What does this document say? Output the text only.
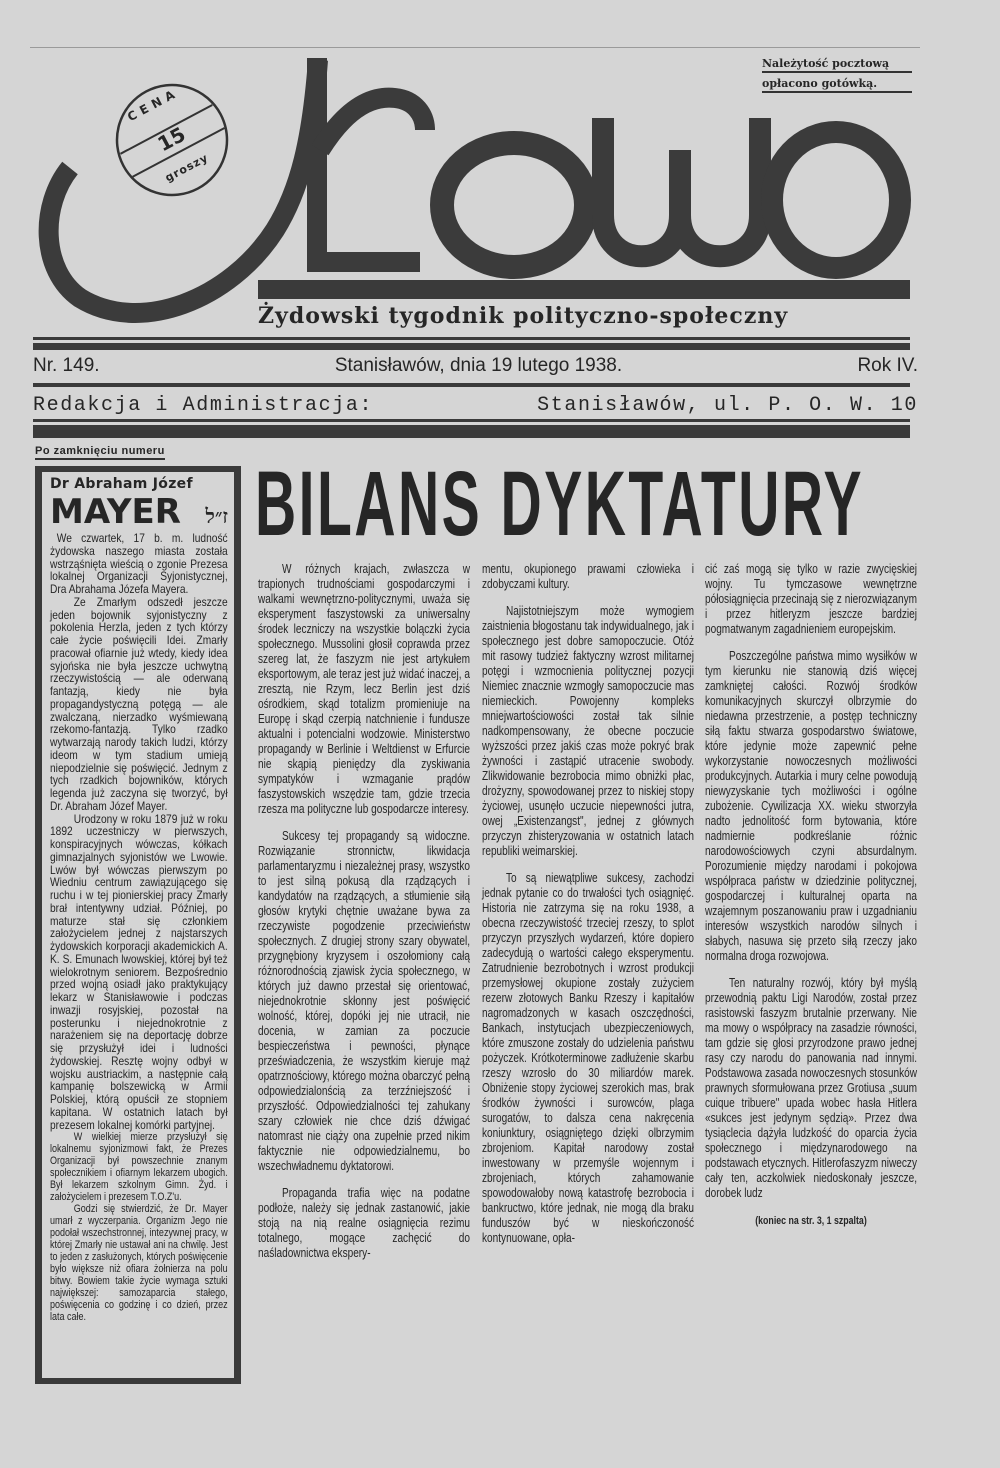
CENA
15
groszy
Należytość pocztową
opłacono gotówką.
Żydowski tygodnik polityczno-społeczny
Nr. 149.	Stanisławów, dnia 19 lutego 1938.	Rok IV.
Redakcja i Administracja:	Stanisławów, ul. P. O. W. 10
Po zamknięciu numeru
Dr Abraham Józef
MAYER ז״ל

We czwartek, 17 b. m. ludność żydowska naszego miasta została wstrząśnięta wieścią o zgonie Prezesa lokalnej Organizacji Syjonistycznej, Dra Abrahama Józefa Mayera.

Ze Zmarłym odszedł jeszcze jeden bojownik syjonistyczny z pokolenia Herzla, jeden z tych którzy całe życie poświęcili Idei. Zmarły pracował ofiarnie już wtedy, kiedy idea syjońska nie była jeszcze uchwytną rzeczywistością — ale oderwaną fantazją, kiedy nie była propagandystyczną potęgą — ale zwalczaną, nierzadko wyśmiewaną rzekomo-fantazją. Tylko rzadko wytwarzają narody takich ludzi, którzy ideom w tym stadium umieją niepodzielnie się poświęcić. Jednym z tych rzadkich bojowników, których legenda już zaczyna się tworzyć, był Dr. Abraham Józef Mayer.

Urodzony w roku 1879 już w roku 1892 uczestniczy w pierwszych, konspiracyjnych wówczas, kółkach gimnazjalnych syjonistów we Lwowie. Lwów był wówczas pierwszym po Wiedniu centrum zawiązującego się ruchu i w tej pionierskiej pracy Zmarły brał intentywny udział. Później, po maturze stał się członkiem założycielem jednej z najstarszych żydowskich korporacji akademickich A. K. S. Emunach lwowskiej, której był też wielokrotnym seniorem. Bezpośrednio przed wojną osiadł jako praktykujący lekarz w Stanisławowie i podczas inwazji rosyjskiej, pozostał na posterunku i niejednokrotnie z narażeniem się na deportację dobrze się przysłużył idei i ludności żydowskiej. Resztę wojny odbył w wojsku austriackim, a następnie całą kampanię bolszewicką w Armii Polskiej, którą opuścił ze stopniem kapitana. W ostatnich latach był prezesem lokalnej komórki partyjnej.

W wielkiej mierze przysłużył się lokalnemu syjonizmowi fakt, że Prezes Organizacji był powszechnie znanym społecznikiem i ofiarnym lekarzem ubogich. Był lekarzem szkolnym Gimn. Żyd. i założycielem i prezesem T.O.Z'u.

Godzi się stwierdzić, że Dr. Mayer umarł z wyczerpania. Organizm Jego nie podołał wszechstronnej, intezywnej pracy, w której Zmarły nie ustawał ani na chwilę. Jest to jeden z zasłużonych, których poświęcenie było większe niż ofiara żołnierza na polu bitwy. Bowiem takie życie wymaga sztuki największej: samozaparcia stałego, poświęcenia co godzinę i co dzień, przez lata całe.

BILANS DYKTATURY

W różnych krajach, zwłaszcza w trapionych trudnościami gospodarczymi i walkami wewnętrzno-politycznymi, uważa się eksperyment faszystowski za uniwersalny środek leczniczy na wszystkie bolączki życia społecznego. Mussolini głosił coprawda przez szereg lat, że faszyzm nie jest artykułem eksportowym, ale teraz jest już widać inaczej, a zresztą, nie Rzym, lecz Berlin jest dziś ośrodkiem, skąd totalizm promieniuje na Europę i skąd czerpią natchnienie i fundusze aktualni i potencialni wodzowie. Ministerstwo propagandy w Berlinie i Weltdienst w Erfurcie nie skąpią pieniędzy dla zyskiwania sympatyków i wzmaganie prądów faszystowskich wszędzie tam, gdzie trzecia rzesza ma polityczne lub gospodarcze interesy.

Sukcesy tej propagandy są widoczne. Rozwiązanie stronnictw, likwidacja parlamentaryzmu i niezależnej prasy, wszystko to jest silną pokusą dla rządzących i kandydatów na rządzących, a stłumienie siłą głosów krytyki chętnie uważane bywa za rzeczywiste pogodzenie przeciwieństw społecznych. Z drugiej strony szary obywatel, przygnębiony kryzysem i oszołomiony całą różnorodnością zjawisk życia społecznego, w których już dawno przestał się orientować, niejednokrotnie skłonny jest poświęcić wolność, której, dopóki jej nie utracił, nie docenia, w zamian za poczucie bespieczeństwa i pewności, płynące przeświadczenia, że wszystkim kieruje mąż opatrznościowy, którego można obarczyć pełną odpowiedzialonścią za terzźniejszość i przyszłość. Odpowiedzialności tej zahukany szary człowiek nie chce dziś dźwigać natomrast nie ciąży ona zupełnie przed nikim faktycznie nie odpowiedzialnemu, bo wszechwładnemu dyktatorowi.

Propaganda trafia więc na podatne podłoże, należy się jednak zastanowić, jakie stoją na nią realne osiągnięcia rezimu totalnego, mogące zachęcić do naśladownictwa ekspery-

mentu, okupionego prawami człowieka i zdobyczami kultury.

Najistotniejszym może wymogiem zaistnienia błogostanu tak indywidualnego, jak i społecznego jest dobre samopoczucie. Otóż mit rasowy tudzież faktyczny wzrost militarnej potęgi i wzmocnienia politycznej pozycji Niemiec znacznie wzmogły samopoczucie mas niemieckich. Powojenny kompleks mniejwartościowości został tak silnie nadkompensowany, że obecne poczucie wyższości przez jakiś czas może pokryć brak żywności i zastąpić utracenie swobody. Zlikwidowanie bezrobocia mimo obniżki płac, drożyzny, spowodowanej przez to niskiej stopy życiowej, usunęło uczucie niepewności jutra, owej „Existenzangst", jednej z głównych przyczyn zhisteryzowania w ostatnich latach republiki weimarskiej.

To są niewątpliwe sukcesy, zachodzi jednak pytanie co do trwałości tych osiągnięć. Historia nie zatrzyma się na roku 1938, a obecna rzeczywistość trzeciej rzeszy, to splot przyczyn przyszłych wydarzeń, które dopiero zadecydują o wartości całego eksperymentu. Zatrudnienie bezrobotnych i wzrost produkcji przemysłowej okupione zostały zużyciem rezerw złotowych Banku Rzeszy i kapitałów nagromadzonych w kasach oszczędności, Bankach, instytucjach ubezpieczeniowych, które zmuszone zostały do udzielenia państwu pożyczek. Krótkoterminowe zadłużenie skarbu rzeszy wzrosło do 30 miliardów marek. Obniżenie stopy życiowej szerokich mas, brak środków żywności i surowców, plaga surogatów, to dalsza cena nakręcenia koniunktury, osiągniętego dzięki olbrzymim zbrojeniom. Kapitał narodowy został inwestowany w przemyśle wojennym i zbrojeniach, których zahamowanie spowodowałoby nową katastrofę bezrobocia i bankructwo, które jednak, nie mogą dla braku funduszów być w nieskończoność kontynuowane, opła-

cić zaś mogą się tylko w razie zwycięskiej wojny. Tu tymczasowe wewnętrzne półosiągnięcia przecinają się z nierozwiązanym i przez hitleryzm jeszcze bardziej pogmatwanym zagadnieniem europejskim.

Poszczególne państwa mimo wysiłków w tym kierunku nie stanowią dziś więcej zamkniętej całości. Rozwój środków komunikacyjnych skurczył olbrzymie do niedawna przestrzenie, a postęp techniczny siłą faktu stwarza gospodarstwo światowe, które jedynie może zapewnić pełne wykorzystanie nowoczesnych możliwości produkcyjnych. Autarkia i mury celne powodują niewyzyskanie tych możliwości i ogólne zubożenie. Cywilizacja XX. wieku stworzyła nadto jednolitość form bytowania, które nadmiernie podkreślanie różnic narodowościowych czyni absurdalnym. Porozumienie między narodami i pokojowa współpraca państw w dziedzinie politycznej, gospodarczej i kulturalnej oparta na wzajemnym poszanowaniu praw i uzgadnianiu interesów wszystkich narodów silnych i słabych, nasuwa się przeto siłą rzeczy jako normalna droga rozwojowa.

Ten naturalny rozwój, który był myślą przewodnią paktu Ligi Narodów, został przez rasistowski faszyzm brutalnie przerwany. Nie ma mowy o współpracy na zasadzie równości, tam gdzie się głosi przyrodzone prawo jednej rasy czy narodu do panowania nad innymi. Podstawowa zasada nowoczesnych stosunków prawnych sformułowana przez Grotiusa „suum cuique tribuere" upada wobec hasła Hitlera «sukces jest jedynym sędzią». Przez dwa tysiąclecia dążyła ludzkość do oparcia życia społecznego i międzynarodowego na podstawach etycznych. Hitlerofaszyzm niweczy cały ten, aczkolwiek niedoskonały jeszcze, dorobek ludz

(koniec na str. 3, 1 szpalta)
